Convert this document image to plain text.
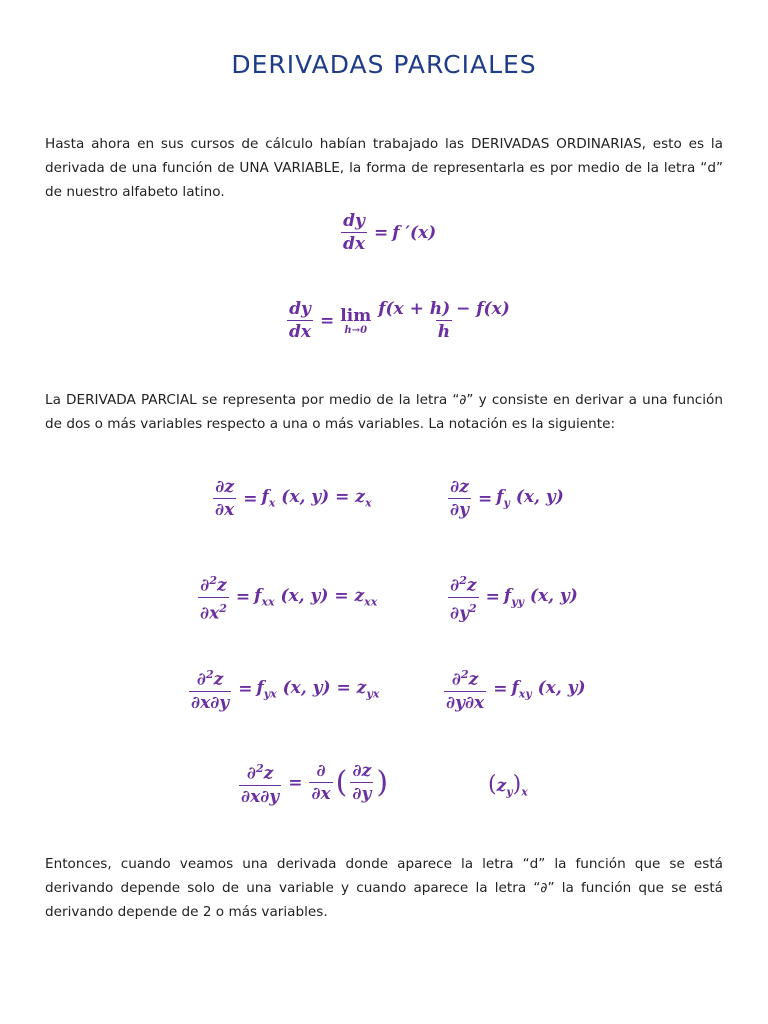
DERIVADAS PARCIALES
Hasta ahora en sus cursos de cálculo habían trabajado las DERIVADAS ORDINARIAS, esto es la derivada de una función de UNA VARIABLE, la forma de representarla es por medio de la letra “d” de nuestro alfabeto latino.
$\frac{dy}{dx} = f$ ′(x)
$\frac{dy}{dx} = \lim$
$h\to 0 \frac{f(x + h) - f(x)}{h}$
La DERIVADA PARCIAL se representa por medio de la letra “∂” y consiste en derivar a una función de dos o más variables respecto a una o más variables. La notación es la siguiente:
$\frac{\partial z}{\partial x} = f_x$ (x, $y) = z_x$	$\frac{\partial z}{\partial y} = f_y$ (x, y)
$\frac{\partial^2z}{\partial x^2} = f_{xx}$ (x, $y) = z_{xx}$	$\frac{\partial^2z}{\partial y^2} = f_{yy}$ (x, y)
$\frac{\partial^2z}{\partial x\partial y} = f_{yx}$ (x, $y) = z_{yx}$	$\frac{\partial^2z}{\partial y\partial x} = f_{xy}$ (x, y)
$\frac{\partial^2z}{\partial x\partial y} = \frac{\partial}{\partial x}$ ( $\frac{\partial z}{\partial y}$ )	$(z_y)_x$
Entonces, cuando veamos una derivada donde aparece la letra “d” la función que se está derivando depende solo de una variable y cuando aparece la letra “∂” la función que se está derivando depende de 2 o más variables.
